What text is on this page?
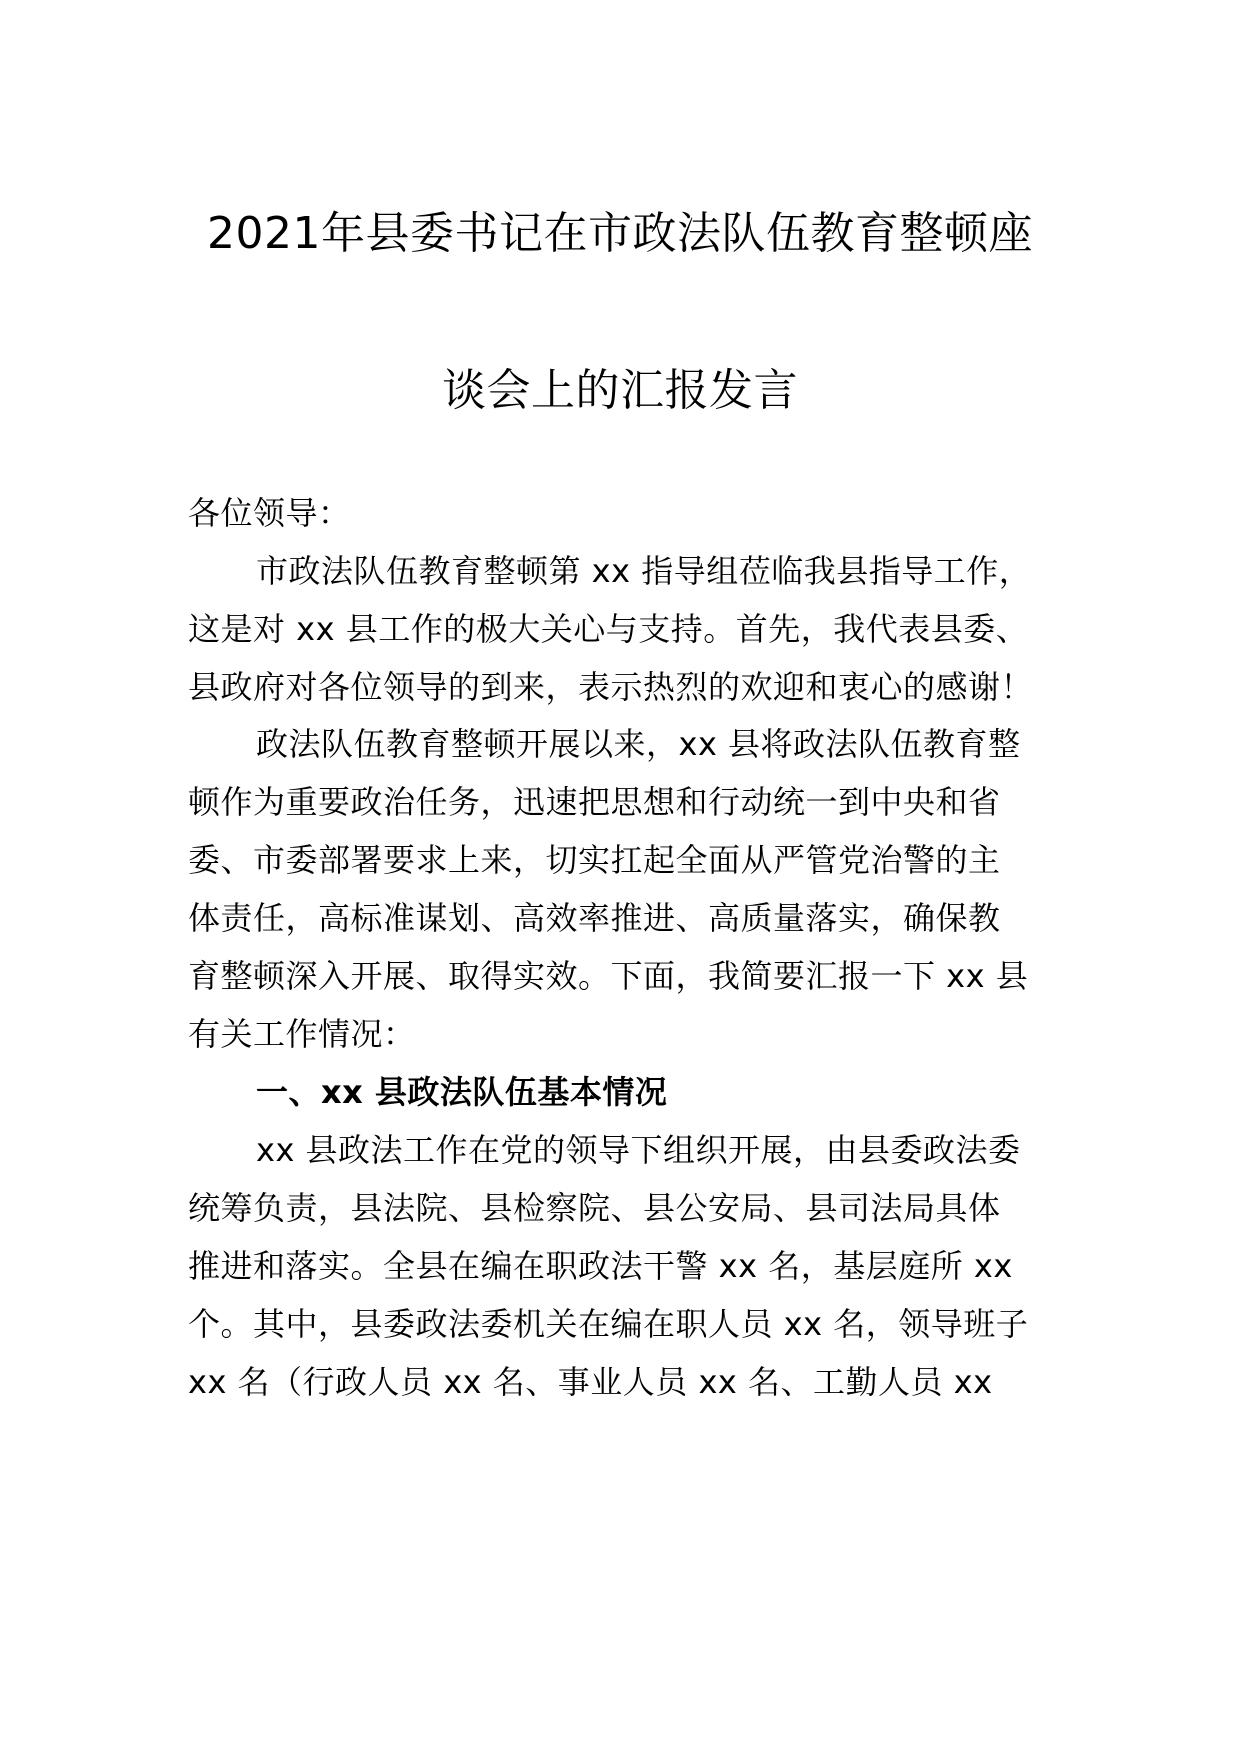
2021年县委书记在市政法队伍教育整顿座
谈会上的汇报发言
各位领导：
市政法队伍教育整顿第 xx 指导组莅临我县指导工作，
这是对 xx 县工作的极大关心与支持。首先，我代表县委、
县政府对各位领导的到来，表示热烈的欢迎和衷心的感谢！
政法队伍教育整顿开展以来，xx 县将政法队伍教育整
顿作为重要政治任务，迅速把思想和行动统一到中央和省
委、市委部署要求上来，切实扛起全面从严管党治警的主
体责任，高标准谋划、高效率推进、高质量落实，确保教
育整顿深入开展、取得实效。下面，我简要汇报一下 xx 县
有关工作情况：
一、xx 县政法队伍基本情况
xx 县政法工作在党的领导下组织开展，由县委政法委
统筹负责，县法院、县检察院、县公安局、县司法局具体
推进和落实。全县在编在职政法干警 xx 名，基层庭所 xx
个。其中，县委政法委机关在编在职人员 xx 名，领导班子
xx 名（行政人员 xx 名、事业人员 xx 名、工勤人员 xx
